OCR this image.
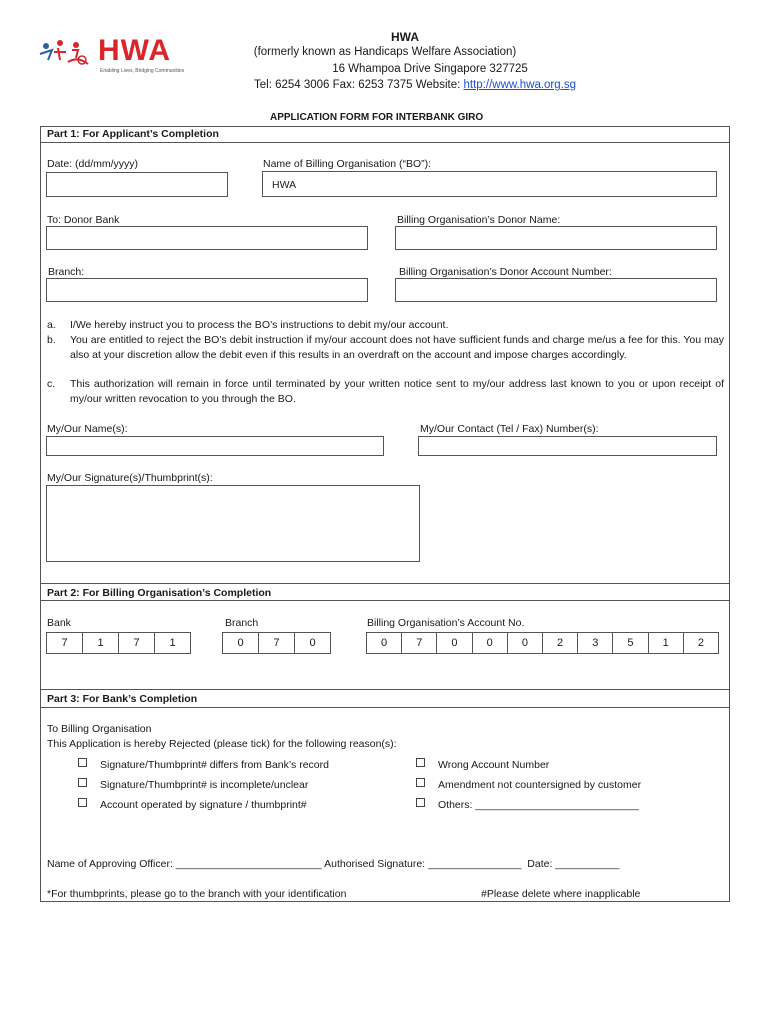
HWA
Enabling Lives, Bridging Communities
HWA
(formerly known as Handicaps Welfare Association)
16 Whampoa Drive Singapore 327725
Tel: 6254 3006 Fax: 6253 7375 Website: http://www.hwa.org.sg
APPLICATION FORM FOR INTERBANK GIRO
Part 1: For Applicant’s Completion
Date: (dd/mm/yyyy)	Name of Billing Organisation (“BO”):
HWA
To: Donor Bank	Billing Organisation’s Donor Name:
Branch:	Billing Organisation’s Donor Account Number:
a. I/We hereby instruct you to process the BO’s instructions to debit my/our account.
b. You are entitled to reject the BO’s debit instruction if my/our account does not have sufficient funds and charge me/us a fee for this. You may also at your discretion allow the debit even if this results in an overdraft on the account and impose charges accordingly.
c. This authorization will remain in force until terminated by your written notice sent to my/our address last known to you or upon receipt of my/our written revocation to you through the BO.
My/Our Name(s):	My/Our Contact (Tel / Fax) Number(s):
My/Our Signature(s)/Thumbprint(s):
Part 2: For Billing Organisation’s Completion
Bank	Branch	Billing Organisation’s Account No.
7	1	7	1	0	7	0	0	7	0	0	0	2	3	5	1	2
Part 3: For Bank’s Completion
To Billing Organisation
This Application is hereby Rejected (please tick) for the following reason(s):
Signature/Thumbprint# differs from Bank’s record
Signature/Thumbprint# is incomplete/unclear
Account operated by signature / thumbprint#
Wrong Account Number
Amendment not countersigned by customer
Others: ____________________________
Name of Approving Officer: _________________________ Authorised Signature: ________________  Date: ___________
*For thumbprints, please go to the branch with your identification	#Please delete where inapplicable
